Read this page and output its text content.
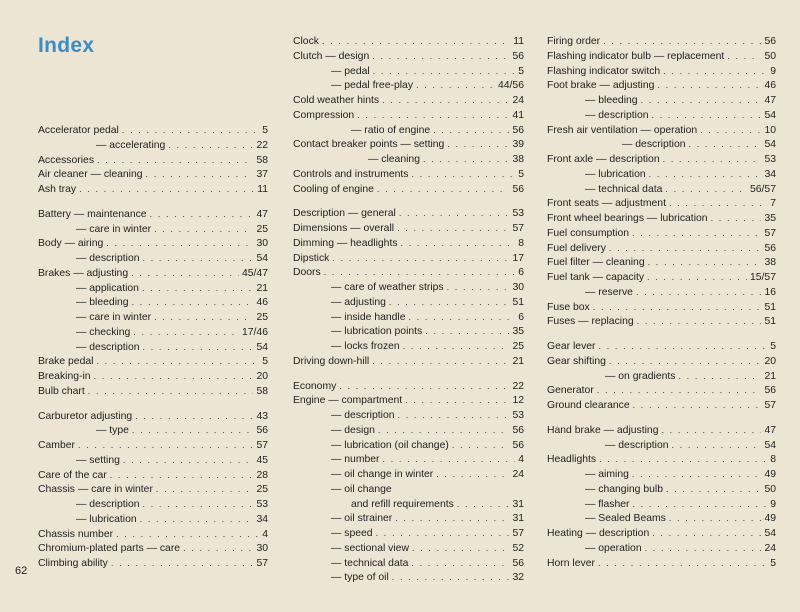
Index
62
Accelerator pedal . . .	5
— accelerating . . .	22
Accessories . . .	58
Air cleaner — cleaning . . .	37
Ash tray . . .	11
Battery — maintenance . . .	47
— care in winter . . .	25
Body — airing . . .	30
— description . . .	54
Brakes — adjusting . . .	45/47
— application . . .	21
— bleeding . . .	46
— care in winter . . .	25
— checking . . .	17/46
— description . . .	54
Brake pedal . . .	5
Breaking-in . . .	20
Bulb chart . . .	58
Carburetor adjusting . . .	43
— type . . .	56
Camber . . .	57
— setting . . .	45
Care of the car . . .	28
Chassis — care in winter . . .	25
— description . . .	53
— lubrication . . .	34
Chassis number . . .	4
Chromium-plated parts — care . . .	30
Climbing ability . . .	57
Clock . . .	11
Clutch — design . . .	56
— pedal . . .	5
— pedal free-play . . .	44/56
Cold weather hints . . .	24
Compression . . .	41
— ratio of engine . . .	56
Contact breaker points — setting . . .	39
— cleaning . . .	38
Controls and instruments . . .	5
Cooling of engine . . .	56
Description — general . . .	53
Dimensions — overall . . .	57
Dimming — headlights . . .	8
Dipstick . . .	17
Doors . . .	6
— care of weather strips . . .	30
— adjusting . . .	51
— inside handle . . .	6
— lubrication points . . .	35
— locks frozen . . .	25
Driving down-hill . . .	21
Economy . . .	22
Engine — compartment . . .	12
— description . . .	53
— design . . .	56
— lubrication (oil change) . . .	56
— number . . .	4
— oil change in winter . . .	24
— oil change
and refill requirements . . .	31
— oil strainer . . .	31
— speed . . .	57
— sectional view . . .	52
— technical data . . .	56
— type of oil . . .	32
Firing order . . .	56
Flashing indicator bulb — replacement . . .	50
Flashing indicator switch . . .	9
Foot brake — adjusting . . .	46
— bleeding . . .	47
— description . . .	54
Fresh air ventilation — operation . . .	10
— description . . .	54
Front axle — description . . .	53
— lubrication . . .	34
— technical data . . .	56/57
Front seats — adjustment . . .	7
Front wheel bearings — lubrication . . .	35
Fuel consumption . . .	57
Fuel delivery . . .	56
Fuel filter — cleaning . . .	38
Fuel tank — capacity . . .	15/57
— reserve . . .	16
Fuse box . . .	51
Fuses — replacing . . .	51
Gear lever . . .	5
Gear shifting . . .	20
— on gradients . . .	21
Generator . . .	56
Ground clearance . . .	57
Hand brake — adjusting . . .	47
— description . . .	54
Headlights . . .	8
— aiming . . .	49
— changing bulb . . .	50
— flasher . . .	9
— Sealed Beams . . .	49
Heating — description . . .	54
— operation . . .	24
Horn lever . . .	5
